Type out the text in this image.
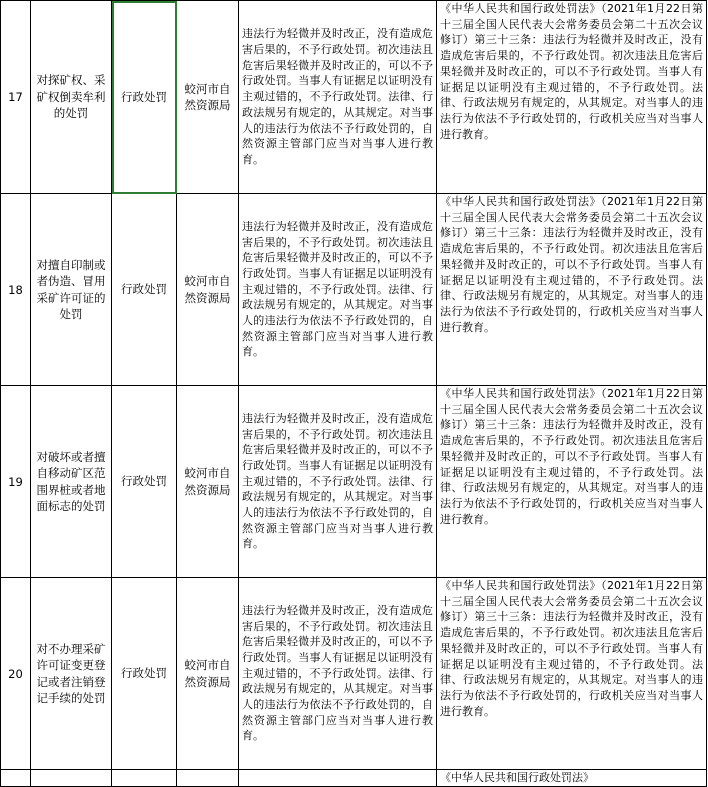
17	对探矿权、采矿权倒卖牟利的处罚	行政处罚	蛟河市自然资源局	违法行为轻微并及时改正，没有造成危害后果的，不予行政处罚。初次违法且危害后果轻微并及时改正的，可以不予行政处罚。当事人有证据足以证明没有主观过错的，不予行政处罚。法律、行政法规另有规定的，从其规定。对当事人的违法行为依法不予行政处罚的，自然资源主管部门应当对当事人进行教育。	《中华人民共和国行政处罚法》（2021年1月22日第十三届全国人民代表大会常务委员会第二十五次会议修订）第三十三条：违法行为轻微并及时改正，没有造成危害后果的，不予行政处罚。初次违法且危害后果轻微并及时改正的，可以不予行政处罚。当事人有证据足以证明没有主观过错的，不予行政处罚。法律、行政法规另有规定的，从其规定。对当事人的违法行为依法不予行政处罚的，行政机关应当对当事人进行教育。
18	对擅自印制或者伪造、冒用采矿许可证的处罚	行政处罚	蛟河市自然资源局	违法行为轻微并及时改正，没有造成危害后果的，不予行政处罚。初次违法且危害后果轻微并及时改正的，可以不予行政处罚。当事人有证据足以证明没有主观过错的，不予行政处罚。法律、行政法规另有规定的，从其规定。对当事人的违法行为依法不予行政处罚的，自然资源主管部门应当对当事人进行教育。	《中华人民共和国行政处罚法》（2021年1月22日第十三届全国人民代表大会常务委员会第二十五次会议修订）第三十三条：违法行为轻微并及时改正，没有造成危害后果的，不予行政处罚。初次违法且危害后果轻微并及时改正的，可以不予行政处罚。当事人有证据足以证明没有主观过错的，不予行政处罚。法律、行政法规另有规定的，从其规定。对当事人的违法行为依法不予行政处罚的，行政机关应当对当事人进行教育。
19	对破坏或者擅自移动矿区范围界桩或者地面标志的处罚	行政处罚	蛟河市自然资源局	违法行为轻微并及时改正，没有造成危害后果的，不予行政处罚。初次违法且危害后果轻微并及时改正的，可以不予行政处罚。当事人有证据足以证明没有主观过错的，不予行政处罚。法律、行政法规另有规定的，从其规定。对当事人的违法行为依法不予行政处罚的，自然资源主管部门应当对当事人进行教育。	《中华人民共和国行政处罚法》（2021年1月22日第十三届全国人民代表大会常务委员会第二十五次会议修订）第三十三条：违法行为轻微并及时改正，没有造成危害后果的，不予行政处罚。初次违法且危害后果轻微并及时改正的，可以不予行政处罚。当事人有证据足以证明没有主观过错的，不予行政处罚。法律、行政法规另有规定的，从其规定。对当事人的违法行为依法不予行政处罚的，行政机关应当对当事人进行教育。
20	对不办理采矿许可证变更登记或者注销登记手续的处罚	行政处罚	蛟河市自然资源局	违法行为轻微并及时改正，没有造成危害后果的，不予行政处罚。初次违法且危害后果轻微并及时改正的，可以不予行政处罚。当事人有证据足以证明没有主观过错的，不予行政处罚。法律、行政法规另有规定的，从其规定。对当事人的违法行为依法不予行政处罚的，自然资源主管部门应当对当事人进行教育。	《中华人民共和国行政处罚法》（2021年1月22日第十三届全国人民代表大会常务委员会第二十五次会议修订）第三十三条：违法行为轻微并及时改正，没有造成危害后果的，不予行政处罚。初次违法且危害后果轻微并及时改正的，可以不予行政处罚。当事人有证据足以证明没有主观过错的，不予行政处罚。法律、行政法规另有规定的，从其规定。对当事人的违法行为依法不予行政处罚的，行政机关应当对当事人进行教育。

					《中华人民共和国行政处罚法》
